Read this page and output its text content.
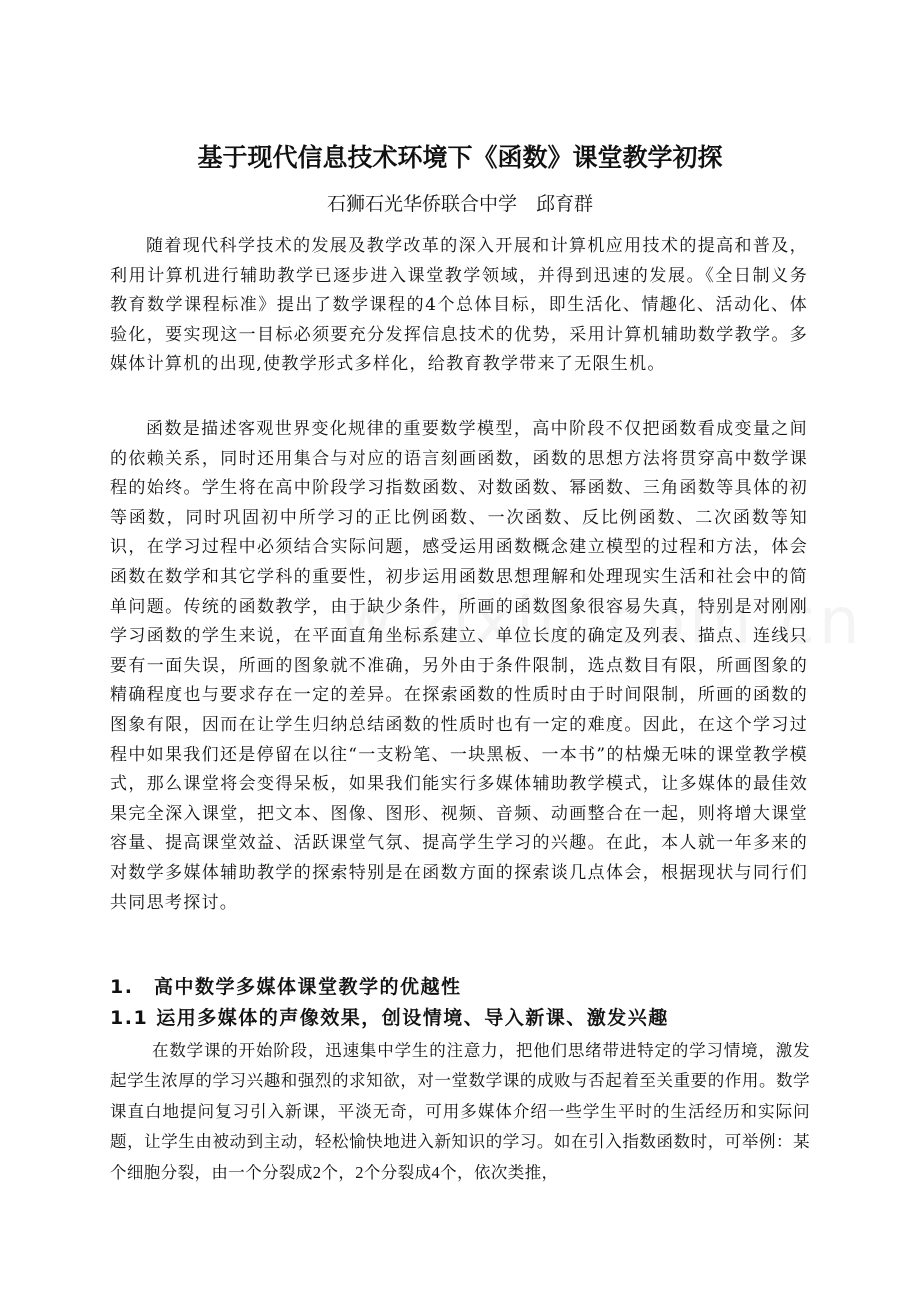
基于现代信息技术环境下《函数》课堂教学初探

石狮石光华侨联合中学　邱育群

随着现代科学技术的发展及教学改革的深入开展和计算机应用技术的提高和普及，利用计算机进行辅助教学已逐步进入课堂教学领域，并得到迅速的发展。《全日制义务教育数学课程标准》提出了数学课程的4个总体目标，即生活化、情趣化、活动化、体验化，要实现这一目标必须要充分发挥信息技术的优势，采用计算机辅助数学教学。多媒体计算机的出现,使教学形式多样化，给教育教学带来了无限生机。

函数是描述客观世界变化规律的重要数学模型，高中阶段不仅把函数看成变量之间的依赖关系，同时还用集合与对应的语言刻画函数，函数的思想方法将贯穿高中数学课程的始终。学生将在高中阶段学习指数函数、对数函数、幂函数、三角函数等具体的初等函数，同时巩固初中所学习的正比例函数、一次函数、反比例函数、二次函数等知识，在学习过程中必须结合实际问题，感受运用函数概念建立模型的过程和方法，体会函数在数学和其它学科的重要性，初步运用函数思想理解和处理现实生活和社会中的简单问题。传统的函数教学，由于缺少条件，所画的函数图象很容易失真，特别是对刚刚学习函数的学生来说，在平面直角坐标系建立、单位长度的确定及列表、描点、连线只要有一面失误，所画的图象就不准确，另外由于条件限制，选点数目有限，所画图象的精确程度也与要求存在一定的差异。在探索函数的性质时由于时间限制，所画的函数的图象有限，因而在让学生归纳总结函数的性质时也有一定的难度。因此，在这个学习过程中如果我们还是停留在以往“一支粉笔、一块黑板、一本书”的枯燥无味的课堂教学模式，那么课堂将会变得呆板，如果我们能实行多媒体辅助教学模式，让多媒体的最佳效果完全深入课堂，把文本、图像、图形、视频、音频、动画整合在一起，则将增大课堂容量、提高课堂效益、活跃课堂气氛、提高学生学习的兴趣。在此，本人就一年多来的对数学多媒体辅助教学的探索特别是在函数方面的探索谈几点体会，根据现状与同行们共同思考探讨。

1.　高中数学多媒体课堂教学的优越性
1.1 运用多媒体的声像效果，创设情境、导入新课、激发兴趣

在数学课的开始阶段，迅速集中学生的注意力，把他们思绪带进特定的学习情境，激发起学生浓厚的学习兴趣和强烈的求知欲，对一堂数学课的成败与否起着至关重要的作用。数学课直白地提问复习引入新课，平淡无奇，可用多媒体介绍一些学生平时的生活经历和实际问题，让学生由被动到主动，轻松愉快地进入新知识的学习。如在引入指数函数时，可举例：某个细胞分裂，由一个分裂成2个，2个分裂成4个，依次类推，
